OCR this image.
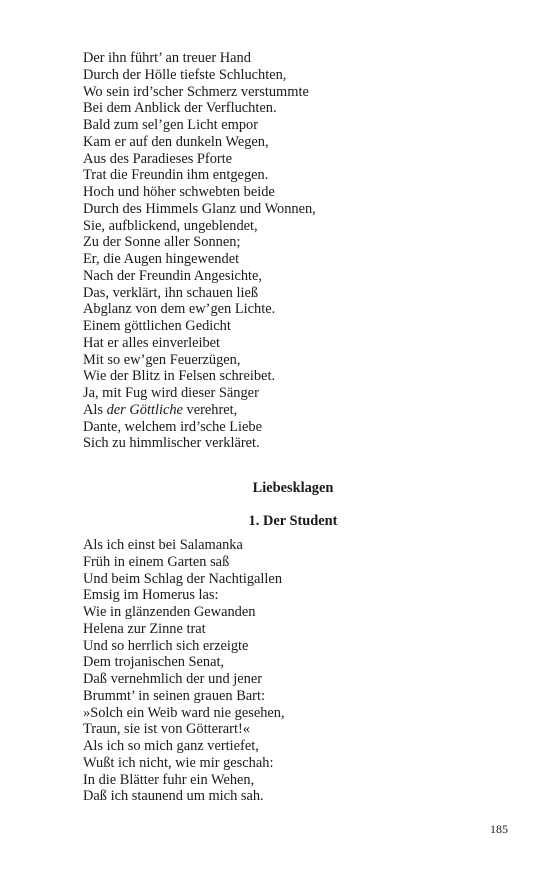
Der ihn führt’ an treuer Hand
Durch der Hölle tiefste Schluchten,
Wo sein ird’scher Schmerz verstummte
Bei dem Anblick der Verfluchten.
Bald zum sel’gen Licht empor
Kam er auf den dunkeln Wegen,
Aus des Paradieses Pforte
Trat die Freundin ihm entgegen.
Hoch und höher schwebten beide
Durch des Himmels Glanz und Wonnen,
Sie, aufblickend, ungeblendet,
Zu der Sonne aller Sonnen;
Er, die Augen hingewendet
Nach der Freundin Angesichte,
Das, verklärt, ihn schauen ließ
Abglanz von dem ew’gen Lichte.
Einem göttlichen Gedicht
Hat er alles einverleibet
Mit so ew’gen Feuerzügen,
Wie der Blitz in Felsen schreibet.
Ja, mit Fug wird dieser Sänger
Als der Göttliche verehret,
Dante, welchem ird’sche Liebe
Sich zu himmlischer verkläret.
Liebesklagen
1. Der Student
Als ich einst bei Salamanka
Früh in einem Garten saß
Und beim Schlag der Nachtigallen
Emsig im Homerus las:
Wie in glänzenden Gewanden
Helena zur Zinne trat
Und so herrlich sich erzeigte
Dem trojanischen Senat,
Daß vernehmlich der und jener
Brummt’ in seinen grauen Bart:
»Solch ein Weib ward nie gesehen,
Traun, sie ist von Götterart!«
Als ich so mich ganz vertiefet,
Wußt ich nicht, wie mir geschah:
In die Blätter fuhr ein Wehen,
Daß ich staunend um mich sah.
185
